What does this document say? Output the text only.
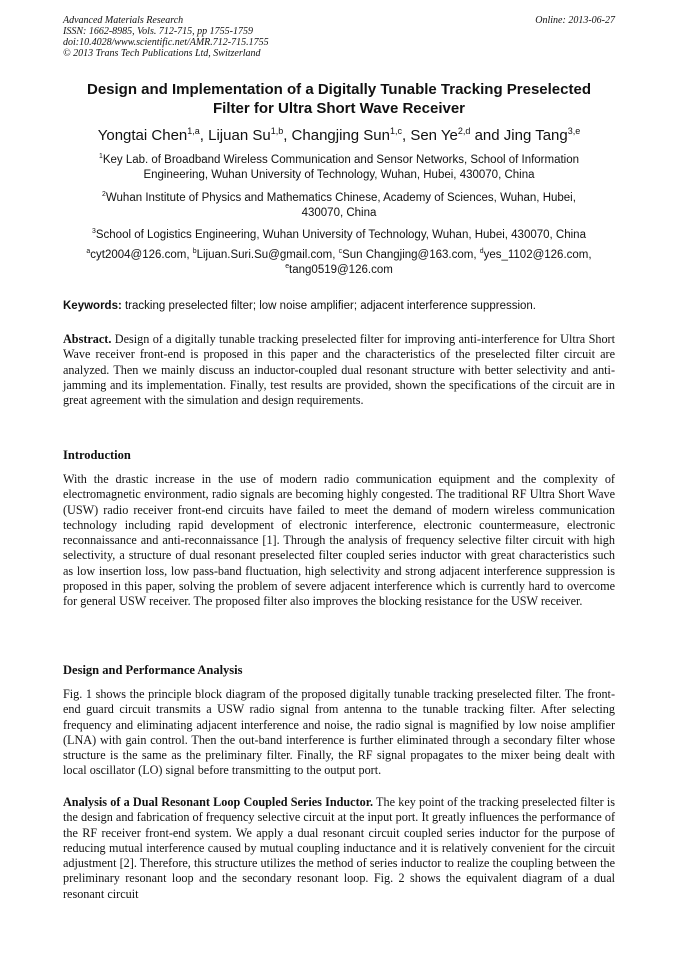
Advanced Materials Research
ISSN: 1662-8985, Vols. 712-715, pp 1755-1759
doi:10.4028/www.scientific.net/AMR.712-715.1755
© 2013 Trans Tech Publications Ltd, Switzerland
Online: 2013-06-27
Design and Implementation of a Digitally Tunable Tracking Preselected
Filter for Ultra Short Wave Receiver
Yongtai Chen$^{1,a}$, Lijuan Su$^{1,b}$, Changjing Sun$^{1,c}$, Sen Ye$^{2,d}$ and Jing Tang$^{3,e}$
$^1$Key Lab. of Broadband Wireless Communication and Sensor Networks, School of Information
Engineering, Wuhan University of Technology, Wuhan, Hubei, 430070, China
$^2$Wuhan Institute of Physics and Mathematics Chinese, Academy of Sciences, Wuhan, Hubei,
430070, China
$^3$School of Logistics Engineering, Wuhan University of Technology, Wuhan, Hubei, 430070, China
$^a$cyt2004@126.com, $^b$Lijuan.Suri.Su@gmail.com, $^c$Sun Changjing@163.com, $^d$yes_1102@126.com,
$^e$tang0519@126.com
Keywords: tracking preselected filter; low noise amplifier; adjacent interference suppression.
Abstract. Design of a digitally tunable tracking preselected filter for improving anti-interference for Ultra Short Wave receiver front-end is proposed in this paper and the characteristics of the preselected filter circuit are analyzed. Then we mainly discuss an inductor-coupled dual resonant structure with better selectivity and anti-jamming and its implementation. Finally, test results are provided, shown the specifications of the circuit are in great agreement with the simulation and design requirements.
Introduction
With the drastic increase in the use of modern radio communication equipment and the complexity of electromagnetic environment, radio signals are becoming highly congested. The traditional RF Ultra Short Wave (USW) radio receiver front-end circuits have failed to meet the demand of modern wireless communication technology including rapid development of electronic interference, electronic countermeasure, electronic reconnaissance and anti-reconnaissance [1]. Through the analysis of frequency selective filter circuit with high selectivity, a structure of dual resonant preselected filter coupled series inductor with great characteristics such as low insertion loss, low pass-band fluctuation, high selectivity and strong adjacent interference suppression is proposed in this paper, solving the problem of severe adjacent interference which is currently hard to overcome for general USW receiver. The proposed filter also improves the blocking resistance for the USW receiver.
Design and Performance Analysis
Fig. 1 shows the principle block diagram of the proposed digitally tunable tracking preselected filter. The front-end guard circuit transmits a USW radio signal from antenna to the tunable tracking filter. After selecting frequency and eliminating adjacent interference and noise, the radio signal is magnified by low noise amplifier (LNA) with gain control. Then the out-band interference is further eliminated through a secondary filter whose structure is the same as the preliminary filter. Finally, the RF signal propagates to the mixer being dealt with local oscillator (LO) signal before transmitting to the output port.
Analysis of a Dual Resonant Loop Coupled Series Inductor. The key point of the tracking preselected filter is the design and fabrication of frequency selective circuit at the input port. It greatly influences the performance of the RF receiver front-end system. We apply a dual resonant circuit coupled series inductor for the purpose of reducing mutual interference caused by mutual coupling inductance and it is relatively convenient for the circuit adjustment [2]. Therefore, this structure utilizes the method of series inductor to realize the coupling between the preliminary resonant loop and the secondary resonant loop. Fig. 2 shows the equivalent diagram of a dual resonant circuit
